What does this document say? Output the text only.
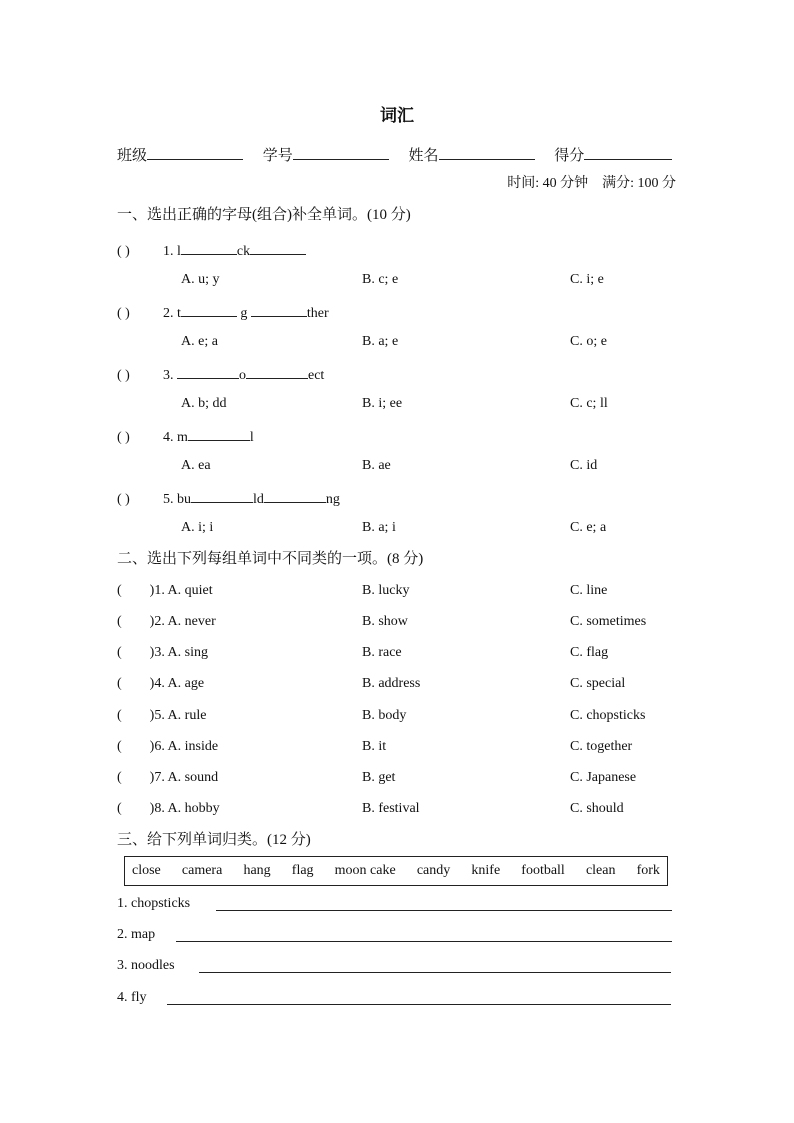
词汇
班级	学号	姓名	得分
时间: 40 分钟 满分: 100 分
一、选出正确的字母(组合)补全单词。(10 分)
( ) 1. l	ck
A. u; y	B. c; e	C. i; e
( ) 2. t	g	ther
A. e; a	B. a; e	C. o; e
( ) 3.	o	ect
A. b; dd	B. i; ee	C. c; ll
( ) 4. m	l
A. ea	B. ae	C. id
( ) 5. bu	ld	ng
A. i; i	B. a; i	C. e; a
二、选出下列每组单词中不同类的一项。(8 分)
(        )1. A. quiet	B. lucky	C. line
(        )2. A. never	B. show	C. sometimes
(        )3. A. sing	B. race	C. flag
(        )4. A. age	B. address	C. special
(        )5. A. rule	B. body	C. chopsticks
(        )6. A. inside	B. it	C. together
(        )7. A. sound	B. get	C. Japanese
(        )8. A. hobby	B. festival	C. should
三、给下列单词归类。(12 分)
close camera hang flag moon cake candy knife football clean fork
1. chopsticks
2. map
3. noodles
4. fly
